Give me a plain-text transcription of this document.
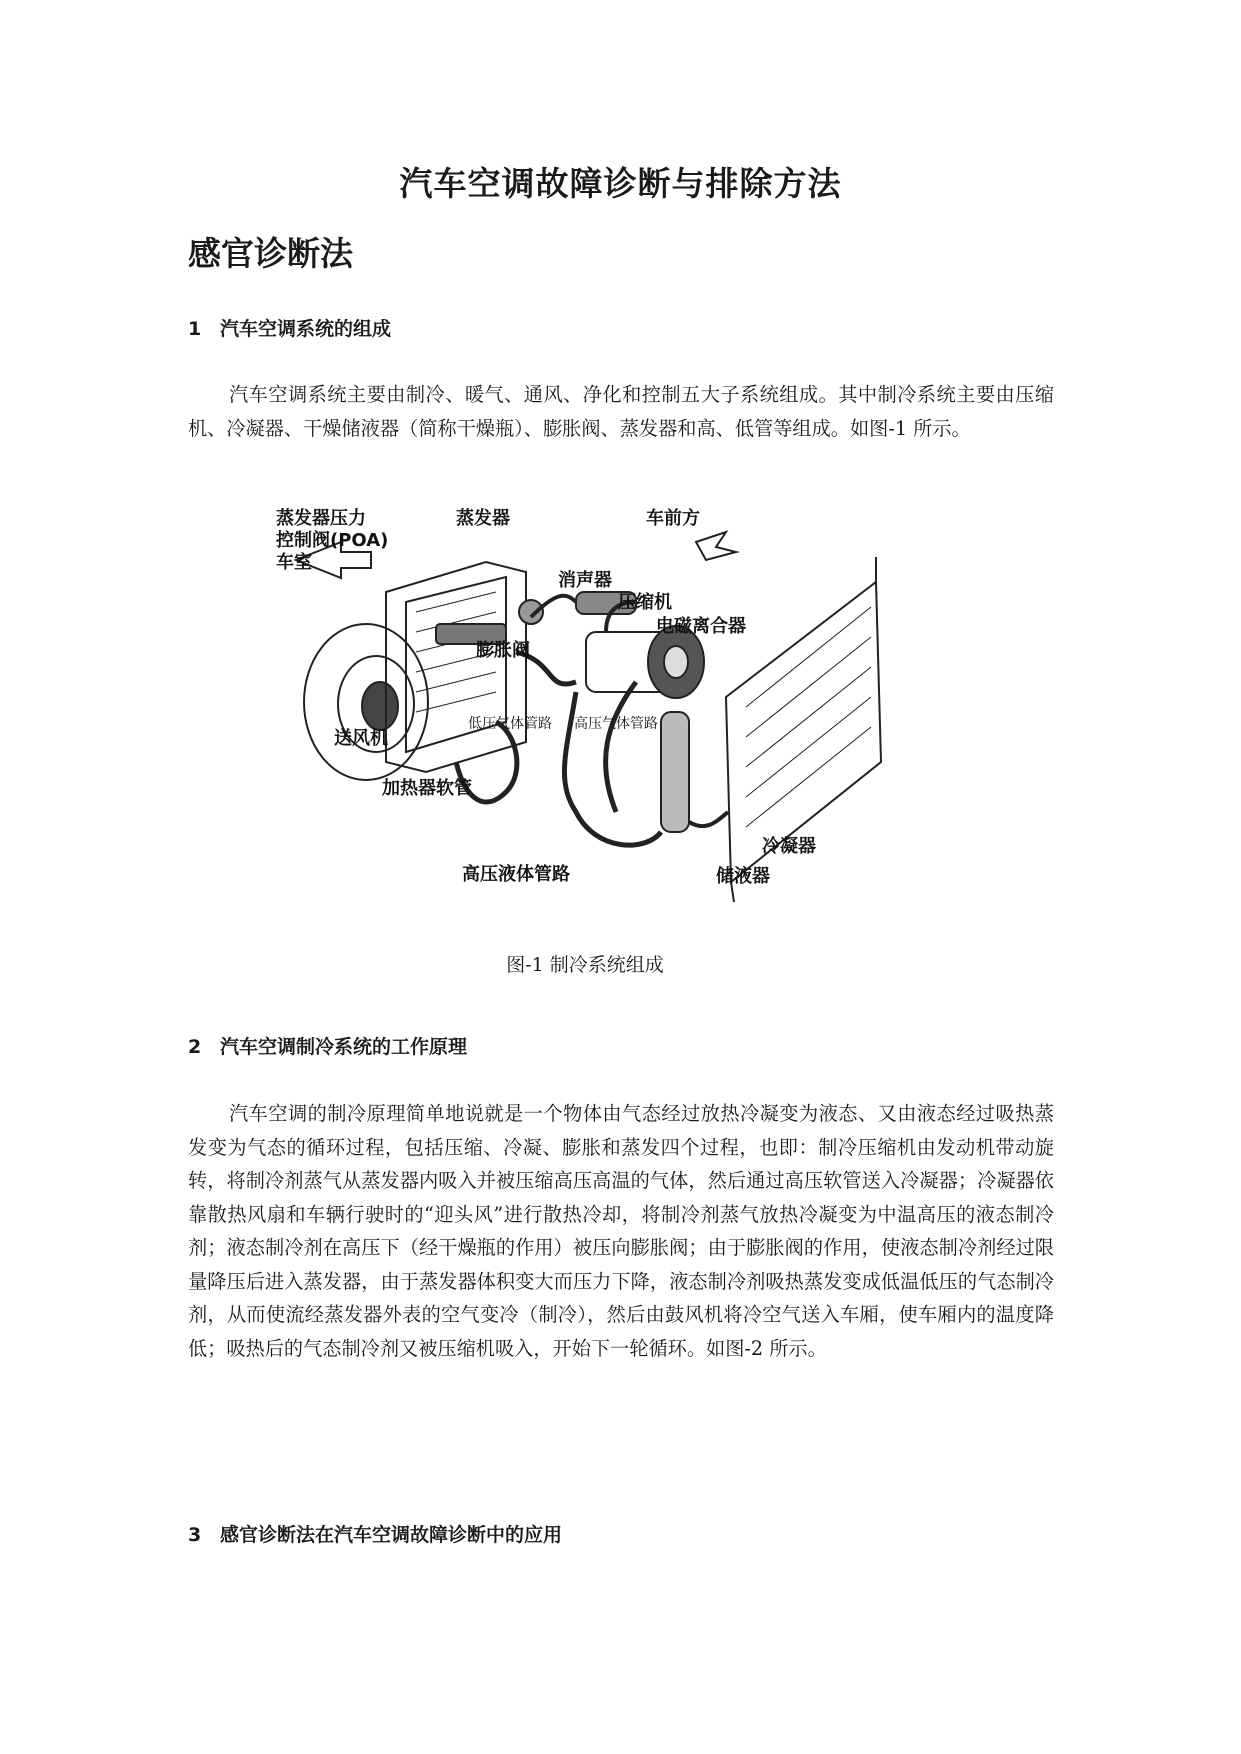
汽车空调故障诊断与排除方法
感官诊断法
1 汽车空调系统的组成

汽车空调系统主要由制冷、暖气、通风、净化和控制五大子系统组成。其中制冷系统主要由压缩机、冷凝器、干燥储液器（简称干燥瓶）、膨胀阀、蒸发器和高、低管等组成。如图-1 所示。

蒸发器压力
控制阀(POA)
车室
蒸发器
消声器
车前方
压缩机
电磁离合器
膨胀阀
低压气体管路 高压气体管路
送风机
加热器软管
冷凝器
高压液体管路	储液器
图-1 制冷系统组成
2 汽车空调制冷系统的工作原理

汽车空调的制冷原理简单地说就是一个物体由气态经过放热冷凝变为液态、又由液态经过吸热蒸发变为气态的循环过程，包括压缩、冷凝、膨胀和蒸发四个过程，也即：制冷压缩机由发动机带动旋转，将制冷剂蒸气从蒸发器内吸入并被压缩高压高温的气体，然后通过高压软管送入冷凝器；冷凝器依靠散热风扇和车辆行驶时的“迎头风”进行散热冷却，将制冷剂蒸气放热冷凝变为中温高压的液态制冷剂；液态制冷剂在高压下（经干燥瓶的作用）被压向膨胀阀；由于膨胀阀的作用，使液态制冷剂经过限量降压后进入蒸发器，由于蒸发器体积变大而压力下降，液态制冷剂吸热蒸发变成低温低压的气态制冷剂，从而使流经蒸发器外表的空气变冷（制冷），然后由鼓风机将冷空气送入车厢，使车厢内的温度降低；吸热后的气态制冷剂又被压缩机吸入，开始下一轮循环。如图-2 所示。

3 感官诊断法在汽车空调故障诊断中的应用
